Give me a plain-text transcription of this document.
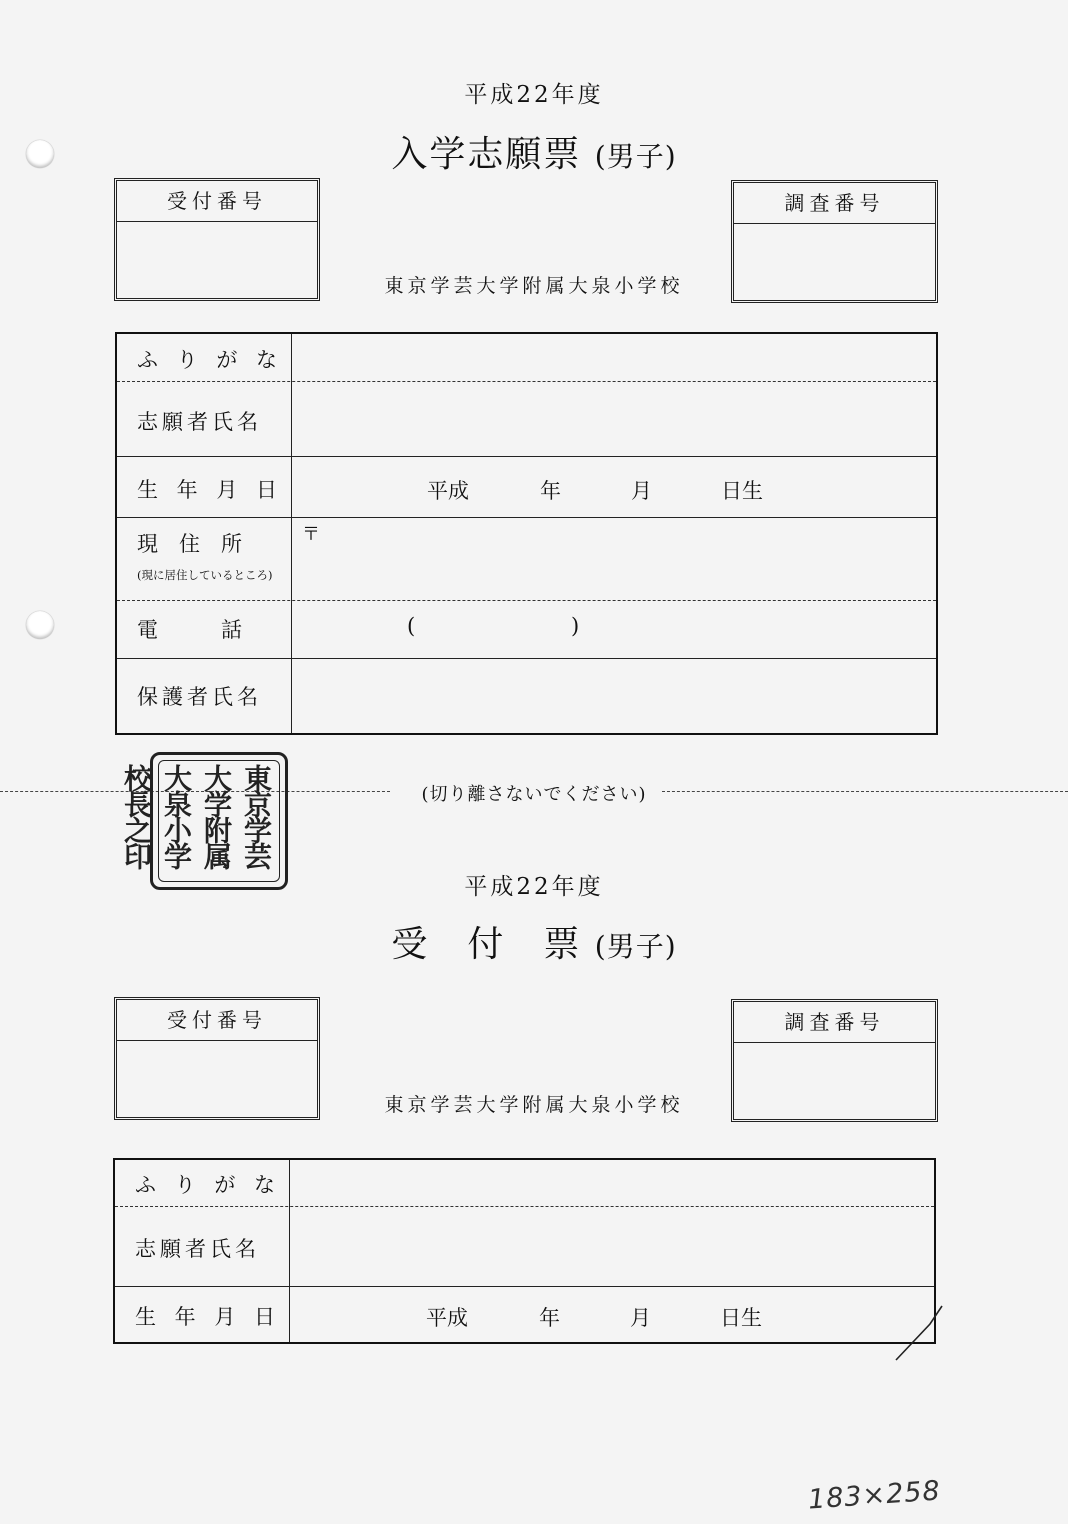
平成22年度
入学志願票 (男子)
受付番号	調査番号
東京学芸大学附属大泉小学校
ふ り が な
志願者氏名
生 年 月 日	平成	年	月	日生
現　住　所
(現に居住しているところ)
〒
電　　　話	(	)
保護者氏名
(切り離さないでください)
東京学芸
大学附属
大泉小学
校長之印
平成22年度
受　付　票 (男子)
受付番号	調査番号
東京学芸大学附属大泉小学校
ふ り が な
志願者氏名
生 年 月 日	平成	年	月	日生
183×258
